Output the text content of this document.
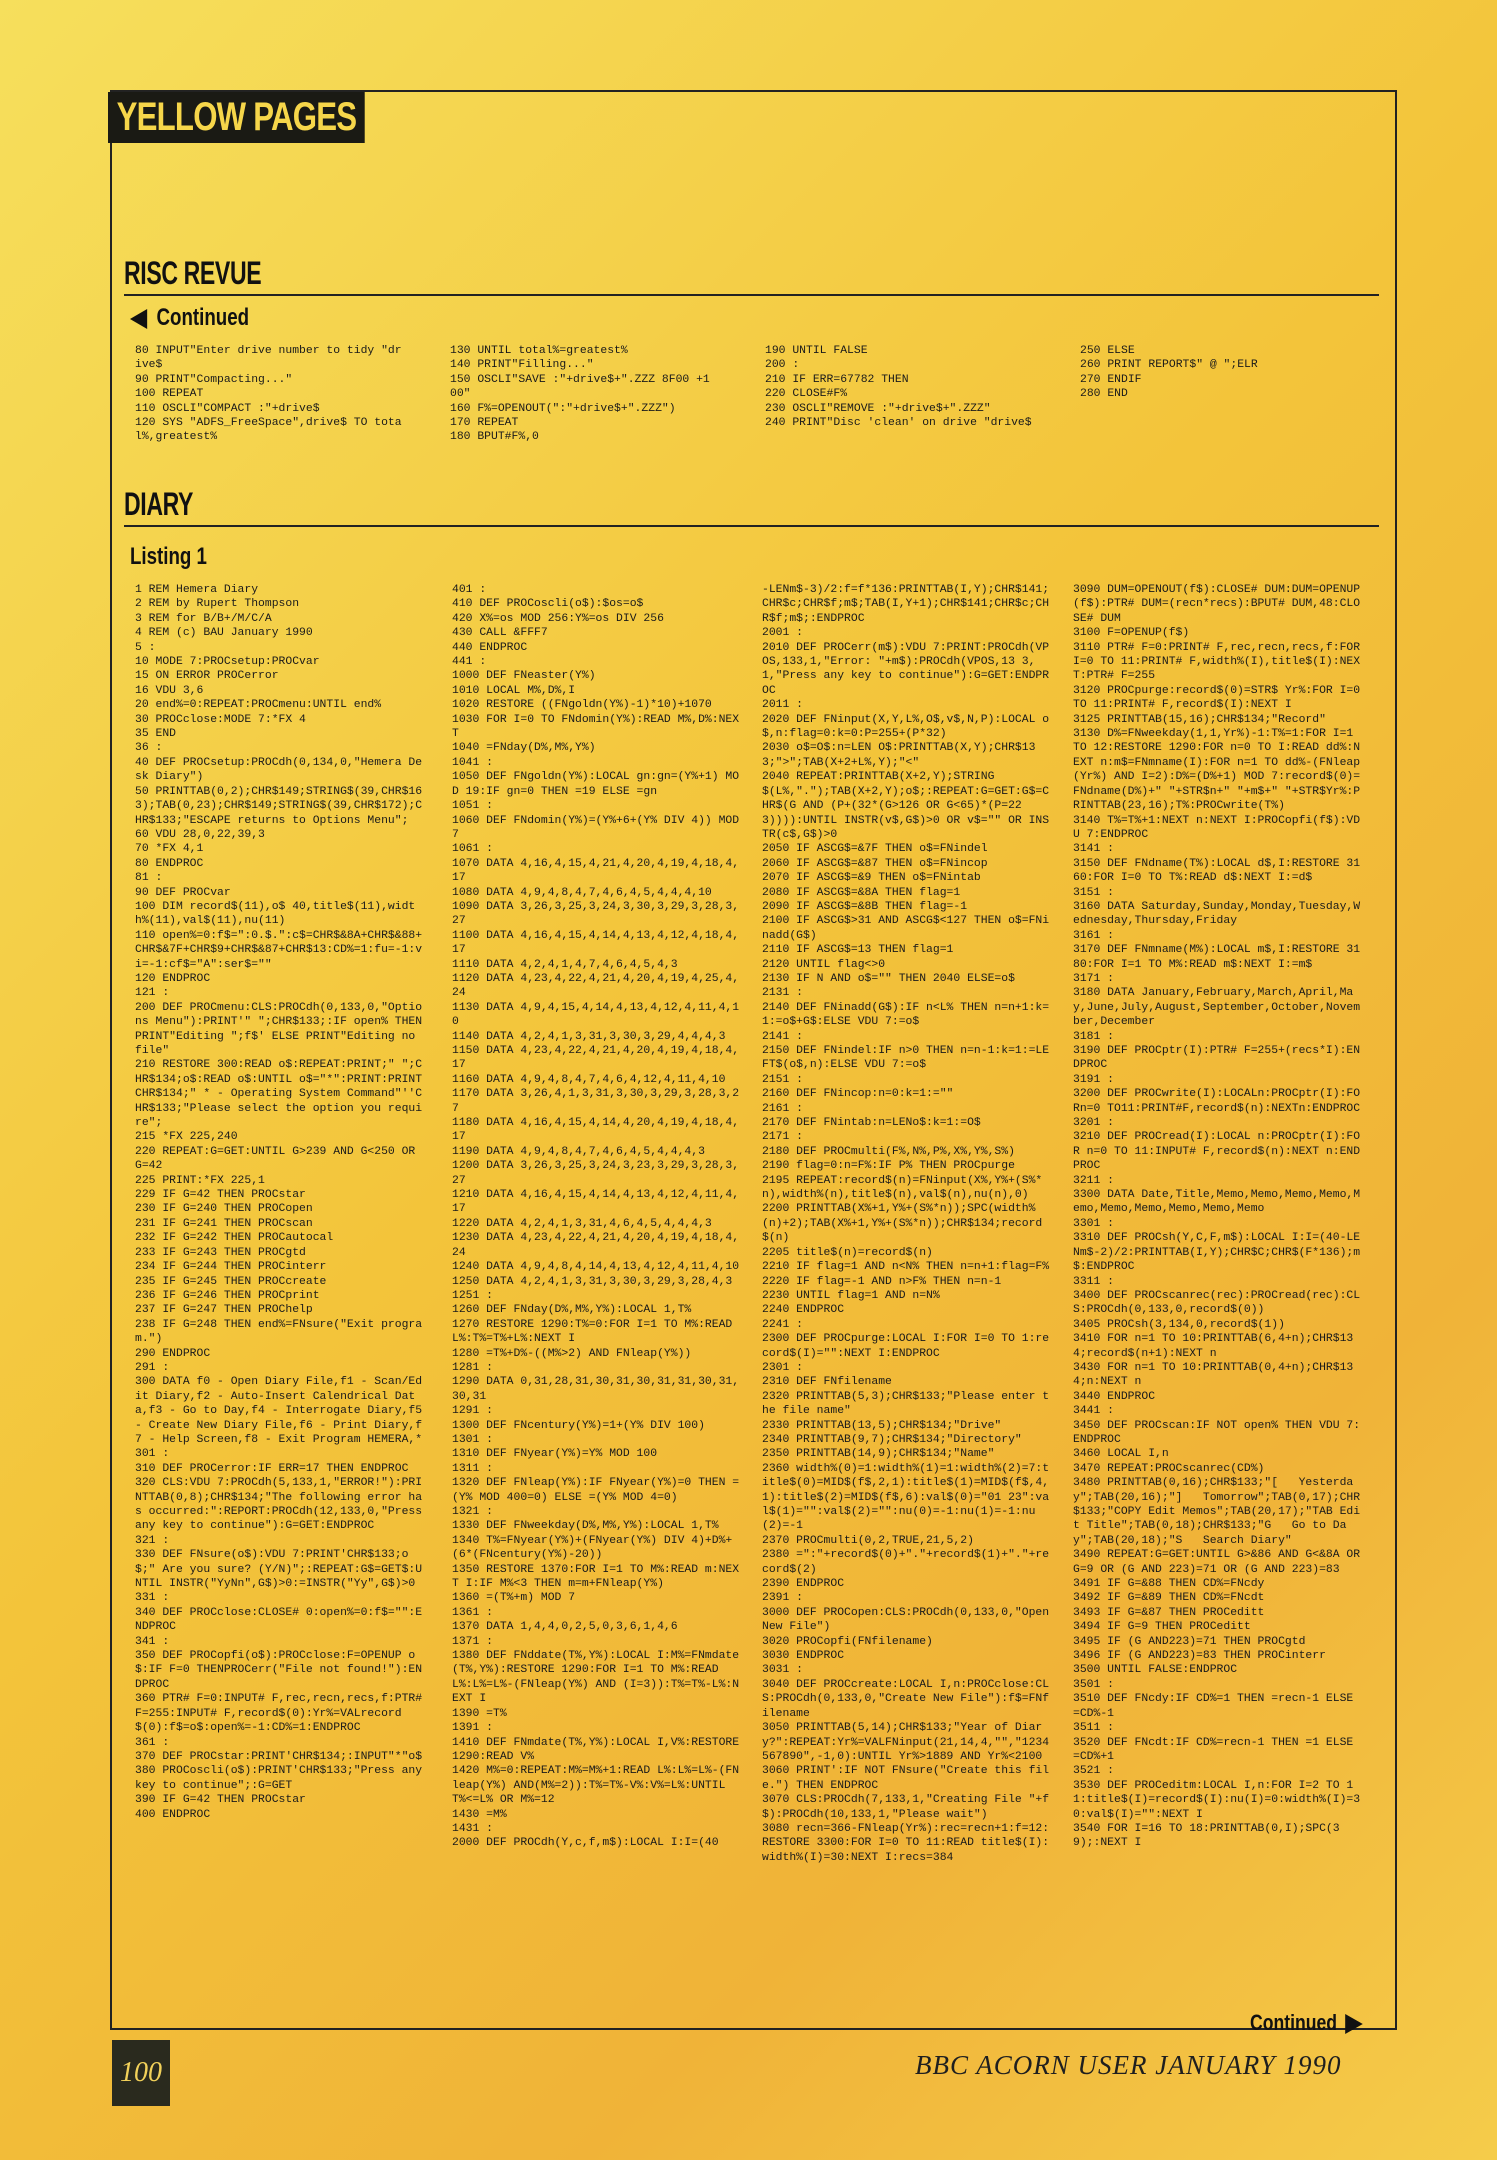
YELLOW PAGES
RISC REVUE
Continued
80 INPUT"Enter drive number to tidy "drive$
90 PRINT"Compacting..."
100 REPEAT
110 OSCLI"COMPACT :"+drive$
120 SYS "ADFS_FreeSpace",drive$ TO total%,greatest%
130 UNTIL total%=greatest%
140 PRINT"Filling..."
150 OSCLI"SAVE :"+drive$+".ZZZ 8F00 +1 00"
160 F%=OPENOUT(":"+drive$+".ZZZ")
170 REPEAT
180 BPUT#F%,0
190 UNTIL FALSE
200 :
210 IF ERR=67782 THEN
220 CLOSE#F%
230 OSCLI"REMOVE :"+drive$+".ZZZ"
240 PRINT"Disc 'clean' on drive "drive$
250 ELSE
260 PRINT REPORT$" @ ";ELR
270 ENDIF
280 END
DIARY
Listing 1
1 REM Hemera Diary
2 REM by Rupert Thompson
3 REM for B/B+/M/C/A
4 REM (c) BAU January 1990
5 :
10 MODE 7:PROCsetup:PROCvar
15 ON ERROR PROCerror
16 VDU 3,6
20 end%=0:REPEAT:PROCmenu:UNTIL end%
30 PROCclose:MODE 7:*FX 4
35 END
36 :
40 DEF PROCsetup:PROCdh(0,134,0,"Hemera Desk Diary")
50 PRINTTAB(0,2);CHR$149;STRING$(39,CHR$163);TAB(0,23);CHR$149;STRING$(39,CHR$172);CHR$133;"ESCAPE returns to Options Menu";
60 VDU 28,0,22,39,3
70 *FX 4,1
80 ENDPROC
81 :
90 DEF PROCvar
100 DIM record$(11),o$ 40,title$(11),width%(11),val$(11),nu(11)
110 open%=0:f$=":0.$.":c$=CHR$&8A+CHR$&88+CHR$&7F+CHR$9+CHR$&87+CHR$13:CD%=1:fu=-1:vi=-1:cf$="A":ser$=""
120 ENDPROC
121 :
200 DEF PROCmenu:CLS:PROCdh(0,133,0,"Options Menu"):PRINT'" ";CHR$133;:IF open% THEN PRINT"Editing ";f$' ELSE PRINT"Editing no file"
210 RESTORE 300:READ o$:REPEAT:PRINT;" ";CHR$134;o$:READ o$:UNTIL o$="*":PRINT:PRINTCHR$134;" * - Operating System Command"''CHR$133;"Please select the option you require";
215 *FX 225,240
220 REPEAT:G=GET:UNTIL G>239 AND G<250 OR G=42
225 PRINT:*FX 225,1
229 IF G=42 THEN PROCstar
230 IF G=240 THEN PROCopen
231 IF G=241 THEN PROCscan
232 IF G=242 THEN PROCautocal
233 IF G=243 THEN PROCgtd
234 IF G=244 THEN PROCinterr
235 IF G=245 THEN PROCcreate
236 IF G=246 THEN PROCprint
237 IF G=247 THEN PROChelp
238 IF G=248 THEN end%=FNsure("Exit program.")
290 ENDPROC
291 :
300 DATA f0 - Open Diary File,f1 - Scan/Edit Diary,f2 - Auto-Insert Calendrical Data,f3 - Go to Day,f4 - Interrogate Diary,f5 - Create New Diary File,f6 - Print Diary,f7 - Help Screen,f8 - Exit Program HEMERA,*
301 :
310 DEF PROCerror:IF ERR=17 THEN ENDPROC
320 CLS:VDU 7:PROCdh(5,133,1,"ERROR!"):PRINTTAB(0,8);CHR$134;"The following error has occurred:":REPORT:PROCdh(12,133,0,"Press any key to continue"):G=GET:ENDPROC
321 :
330 DEF FNsure(o$):VDU 7:PRINT'CHR$133;o$;" Are you sure? (Y/N)";:REPEAT:G$=GET$:UNTIL INSTR("YyNn",G$)>0:=INSTR("Yy",G$)>0
331 :
340 DEF PROCclose:CLOSE# 0:open%=0:f$="":ENDPROC
341 :
350 DEF PROCopfi(o$):PROCclose:F=OPENUP o$:IF F=0 THENPROCerr("File not found!"):ENDPROC
360 PTR# F=0:INPUT# F,rec,recn,recs,f:PTR# F=255:INPUT# F,record$(0):Yr%=VALrecord$(0):f$=o$:open%=-1:CD%=1:ENDPROC
361 :
370 DEF PROCstar:PRINT'CHR$134;:INPUT"*"o$
380 PROCoscli(o$):PRINT'CHR$133;"Press any key to continue";:G=GET
390 IF G=42 THEN PROCstar
400 ENDPROC
401 :
410 DEF PROCoscli(o$):$os=o$
420 X%=os MOD 256:Y%=os DIV 256
430 CALL &FFF7
440 ENDPROC
441 :
1000 DEF FNeaster(Y%)
1010 LOCAL M%,D%,I
1020 RESTORE ((FNgoldn(Y%)-1)*10)+1070
1030 FOR I=0 TO FNdomin(Y%):READ M%,D%:NEXT
1040 =FNday(D%,M%,Y%)
1041 :
1050 DEF FNgoldn(Y%):LOCAL gn:gn=(Y%+1) MOD 19:IF gn=0 THEN =19 ELSE =gn
1051 :
1060 DEF FNdomin(Y%)=(Y%+6+(Y% DIV 4)) MOD 7
1061 :
1070 DATA 4,16,4,15,4,21,4,20,4,19,4,18,4,17
1080 DATA 4,9,4,8,4,7,4,6,4,5,4,4,4,10
1090 DATA 3,26,3,25,3,24,3,30,3,29,3,28,3,27
1100 DATA 4,16,4,15,4,14,4,13,4,12,4,18,4,17
1110 DATA 4,2,4,1,4,7,4,6,4,5,4,3
1120 DATA 4,23,4,22,4,21,4,20,4,19,4,25,4,24
1130 DATA 4,9,4,15,4,14,4,13,4,12,4,11,4,10
1140 DATA 4,2,4,1,3,31,3,30,3,29,4,4,4,3
1150 DATA 4,23,4,22,4,21,4,20,4,19,4,18,4,17
1160 DATA 4,9,4,8,4,7,4,6,4,12,4,11,4,10
1170 DATA 3,26,4,1,3,31,3,30,3,29,3,28,3,27
1180 DATA 4,16,4,15,4,14,4,20,4,19,4,18,4,17
1190 DATA 4,9,4,8,4,7,4,6,4,5,4,4,4,3
1200 DATA 3,26,3,25,3,24,3,23,3,29,3,28,3,27
1210 DATA 4,16,4,15,4,14,4,13,4,12,4,11,4,17
1220 DATA 4,2,4,1,3,31,4,6,4,5,4,4,4,3
1230 DATA 4,23,4,22,4,21,4,20,4,19,4,18,4,24
1240 DATA 4,9,4,8,4,14,4,13,4,12,4,11,4,10
1250 DATA 4,2,4,1,3,31,3,30,3,29,3,28,4,3
1251 :
1260 DEF FNday(D%,M%,Y%):LOCAL 1,T%
1270 RESTORE 1290:T%=0:FOR I=1 TO M%:READ L%:T%=T%+L%:NEXT I
1280 =T%+D%-((M%>2) AND FNleap(Y%))
1281 :
1290 DATA 0,31,28,31,30,31,30,31,31,30,31,30,31
1291 :
1300 DEF FNcentury(Y%)=1+(Y% DIV 100)
1301 :
1310 DEF FNyear(Y%)=Y% MOD 100
1311 :
1320 DEF FNleap(Y%):IF FNyear(Y%)=0 THEN =(Y% MOD 400=0) ELSE =(Y% MOD 4=0)
1321 :
1330 DEF FNweekday(D%,M%,Y%):LOCAL 1,T%
1340 T%=FNyear(Y%)+(FNyear(Y%) DIV 4)+D%+(6*(FNcentury(Y%)-20))
1350 RESTORE 1370:FOR I=1 TO M%:READ m:NEXT I:IF M%<3 THEN m=m+FNleap(Y%)
1360 =(T%+m) MOD 7
1361 :
1370 DATA 1,4,4,0,2,5,0,3,6,1,4,6
1371 :
1380 DEF FNddate(T%,Y%):LOCAL I:M%=FNmdate(T%,Y%):RESTORE 1290:FOR I=1 TO M%:READ L%:L%=L%-(FNleap(Y%) AND (I=3)):T%=T%-L%:NEXT I
1390 =T%
1391 :
1410 DEF FNmdate(T%,Y%):LOCAL I,V%:RESTORE 1290:READ V%
1420 M%=0:REPEAT:M%=M%+1:READ L%:L%=L%-(FNleap(Y%) AND(M%=2)):T%=T%-V%:V%=L%:UNTIL T%<=L% OR M%=12
1430 =M%
1431 :
2000 DEF PROCdh(Y,c,f,m$):LOCAL I:I=(40
-LENm$-3)/2:f=f*136:PRINTTAB(I,Y);CHR$141;CHR$c;CHR$f;m$;TAB(I,Y+1);CHR$141;CHR$c;CHR$f;m$;:ENDPROC
2001 :
2010 DEF PROCerr(m$):VDU 7:PRINT:PROCdh(VPOS,133,1,"Error: "+m$):PROCdh(VPOS,13 3,1,"Press any key to continue"):G=GET:ENDPROC
2011 :
2020 DEF FNinput(X,Y,L%,O$,v$,N,P):LOCAL o$,n:flag=0:k=0:P=255+(P*32)
2030 o$=O$:n=LEN O$:PRINTTAB(X,Y);CHR$133;">";TAB(X+2+L%,Y);"<"
2040 REPEAT:PRINTTAB(X+2,Y);STRING$(L%,".");TAB(X+2,Y);o$;:REPEAT:G=GET:G$=CHR$(G AND (P+(32*(G>126 OR G<65)*(P=223)))):UNTIL INSTR(v$,G$)>0 OR v$="" OR INSTR(c$,G$)>0
2050 IF ASCG$=&7F THEN o$=FNindel
2060 IF ASCG$=&87 THEN o$=FNincop
2070 IF ASCG$=&9 THEN o$=FNintab
2080 IF ASCG$=&8A THEN flag=1
2090 IF ASCG$=&8B THEN flag=-1
2100 IF ASCG$>31 AND ASCG$<127 THEN o$=FNinadd(G$)
2110 IF ASCG$=13 THEN flag=1
2120 UNTIL flag<>0
2130 IF N AND o$="" THEN 2040 ELSE=o$
2131 :
2140 DEF FNinadd(G$):IF n<L% THEN n=n+1:k=1:=o$+G$:ELSE VDU 7:=o$
2141 :
2150 DEF FNindel:IF n>0 THEN n=n-1:k=1:=LEFT$(o$,n):ELSE VDU 7:=o$
2151 :
2160 DEF FNincop:n=0:k=1:=""
2161 :
2170 DEF FNintab:n=LENo$:k=1:=O$
2171 :
2180 DEF PROCmulti(F%,N%,P%,X%,Y%,S%)
2190 flag=0:n=F%:IF P% THEN PROCpurge
2195 REPEAT:record$(n)=FNinput(X%,Y%+(S%*n),width%(n),title$(n),val$(n),nu(n),0)
2200 PRINTTAB(X%+1,Y%+(S%*n));SPC(width%(n)+2);TAB(X%+1,Y%+(S%*n));CHR$134;record$(n)
2205 title$(n)=record$(n)
2210 IF flag=1 AND n<N% THEN n=n+1:flag=F%
2220 IF flag=-1 AND n>F% THEN n=n-1
2230 UNTIL flag=1 AND n=N%
2240 ENDPROC
2241 :
2300 DEF PROCpurge:LOCAL I:FOR I=0 TO 1:record$(I)="":NEXT I:ENDPROC
2301 :
2310 DEF FNfilename
2320 PRINTTAB(5,3);CHR$133;"Please enter the file name"
2330 PRINTTAB(13,5);CHR$134;"Drive"
2340 PRINTTAB(9,7);CHR$134;"Directory"
2350 PRINTTAB(14,9);CHR$134;"Name"
2360 width%(0)=1:width%(1)=1:width%(2)=7:title$(0)=MID$(f$,2,1):title$(1)=MID$(f$,4,1):title$(2)=MID$(f$,6):val$(0)="01 23":val$(1)="":val$(2)="":nu(0)=-1:nu(1)=-1:nu(2)=-1
2370 PROCmulti(0,2,TRUE,21,5,2)
2380 =":"+record$(0)+"."+record$(1)+"."+record$(2)
2390 ENDPROC
2391 :
3000 DEF PROCopen:CLS:PROCdh(0,133,0,"Open New File")
3020 PROCopfi(FNfilename)
3030 ENDPROC
3031 :
3040 DEF PROCcreate:LOCAL I,n:PROCclose:CLS:PROCdh(0,133,0,"Create New File"):f$=FNfilename
3050 PRINTTAB(5,14);CHR$133;"Year of Diary?":REPEAT:Yr%=VALFNinput(21,14,4,"","1234567890",-1,0):UNTIL Yr%>1889 AND Yr%<2100
3060 PRINT':IF NOT FNsure("Create this file.") THEN ENDPROC
3070 CLS:PROCdh(7,133,1,"Creating File "+f$):PROCdh(10,133,1,"Please wait")
3080 recn=366-FNleap(Yr%):rec=recn+1:f=12:RESTORE 3300:FOR I=0 TO 11:READ title$(I):width%(I)=30:NEXT I:recs=384
3090 DUM=OPENOUT(f$):CLOSE# DUM:DUM=OPENUP(f$):PTR# DUM=(recn*recs):BPUT# DUM,48:CLOSE# DUM
3100 F=OPENUP(f$)
3110 PTR# F=0:PRINT# F,rec,recn,recs,f:FOR I=0 TO 11:PRINT# F,width%(I),title$(I):NEXT:PTR# F=255
3120 PROCpurge:record$(0)=STR$ Yr%:FOR I=0 TO 11:PRINT# F,record$(I):NEXT I
3125 PRINTTAB(15,16);CHR$134;"Record"
3130 D%=FNweekday(1,1,Yr%)-1:T%=1:FOR I=1 TO 12:RESTORE 1290:FOR n=0 TO I:READ dd%:NEXT n:m$=FNmname(I):FOR n=1 TO dd%-(FNleap(Yr%) AND I=2):D%=(D%+1) MOD 7:record$(0)=FNdname(D%)+" "+STR$n+" "+m$+" "+STR$Yr%:PRINTTAB(23,16);T%:PROCwrite(T%)
3140 T%=T%+1:NEXT n:NEXT I:PROCopfi(f$):VDU 7:ENDPROC
3141 :
3150 DEF FNdname(T%):LOCAL d$,I:RESTORE 3160:FOR I=0 TO T%:READ d$:NEXT I:=d$
3151 :
3160 DATA Saturday,Sunday,Monday,Tuesday,Wednesday,Thursday,Friday
3161 :
3170 DEF FNmname(M%):LOCAL m$,I:RESTORE 3180:FOR I=1 TO M%:READ m$:NEXT I:=m$
3171 :
3180 DATA January,February,March,April,May,June,July,August,September,October,November,December
3181 :
3190 DEF PROCptr(I):PTR# F=255+(recs*I):ENDPROC
3191 :
3200 DEF PROCwrite(I):LOCALn:PROCptr(I):FORn=0 TO11:PRINT#F,record$(n):NEXTn:ENDPROC
3201 :
3210 DEF PROCread(I):LOCAL n:PROCptr(I):FOR n=0 TO 11:INPUT# F,record$(n):NEXT n:ENDPROC
3211 :
3300 DATA Date,Title,Memo,Memo,Memo,Memo,Memo,Memo,Memo,Memo,Memo,Memo
3301 :
3310 DEF PROCsh(Y,C,F,m$):LOCAL I:I=(40-LENm$-2)/2:PRINTTAB(I,Y);CHR$C;CHR$(F*136);m$:ENDPROC
3311 :
3400 DEF PROCscanrec(rec):PROCread(rec):CLS:PROCdh(0,133,0,record$(0))
3405 PROCsh(3,134,0,record$(1))
3410 FOR n=1 TO 10:PRINTTAB(6,4+n);CHR$134;record$(n+1):NEXT n
3430 FOR n=1 TO 10:PRINTTAB(0,4+n);CHR$134;n:NEXT n
3440 ENDPROC
3441 :
3450 DEF PROCscan:IF NOT open% THEN VDU 7:ENDPROC
3460 LOCAL I,n
3470 REPEAT:PROCscanrec(CD%)
3480 PRINTTAB(0,16);CHR$133;"[   Yesterday";TAB(20,16);"]   Tomorrow";TAB(0,17);CHR$133;"COPY Edit Memos";TAB(20,17);"TAB Edit Title";TAB(0,18);CHR$133;"G   Go to Day";TAB(20,18);"S   Search Diary"
3490 REPEAT:G=GET:UNTIL G>&86 AND G<&8A OR G=9 OR (G AND 223)=71 OR (G AND 223)=83
3491 IF G=&88 THEN CD%=FNcdy
3492 IF G=&89 THEN CD%=FNcdt
3493 IF G=&87 THEN PROCeditt
3494 IF G=9 THEN PROCeditt
3495 IF (G AND223)=71 THEN PROCgtd
3496 IF (G AND223)=83 THEN PROCinterr
3500 UNTIL FALSE:ENDPROC
3501 :
3510 DEF FNcdy:IF CD%=1 THEN =recn-1 ELSE =CD%-1
3511 :
3520 DEF FNcdt:IF CD%=recn-1 THEN =1 ELSE =CD%+1
3521 :
3530 DEF PROCeditm:LOCAL I,n:FOR I=2 TO 11:title$(I)=record$(I):nu(I)=0:width%(I)=30:val$(I)="":NEXT I
3540 FOR I=16 TO 18:PRINTTAB(0,I);SPC(39);:NEXT I
Continued
100	BBC ACORN USER JANUARY 1990
